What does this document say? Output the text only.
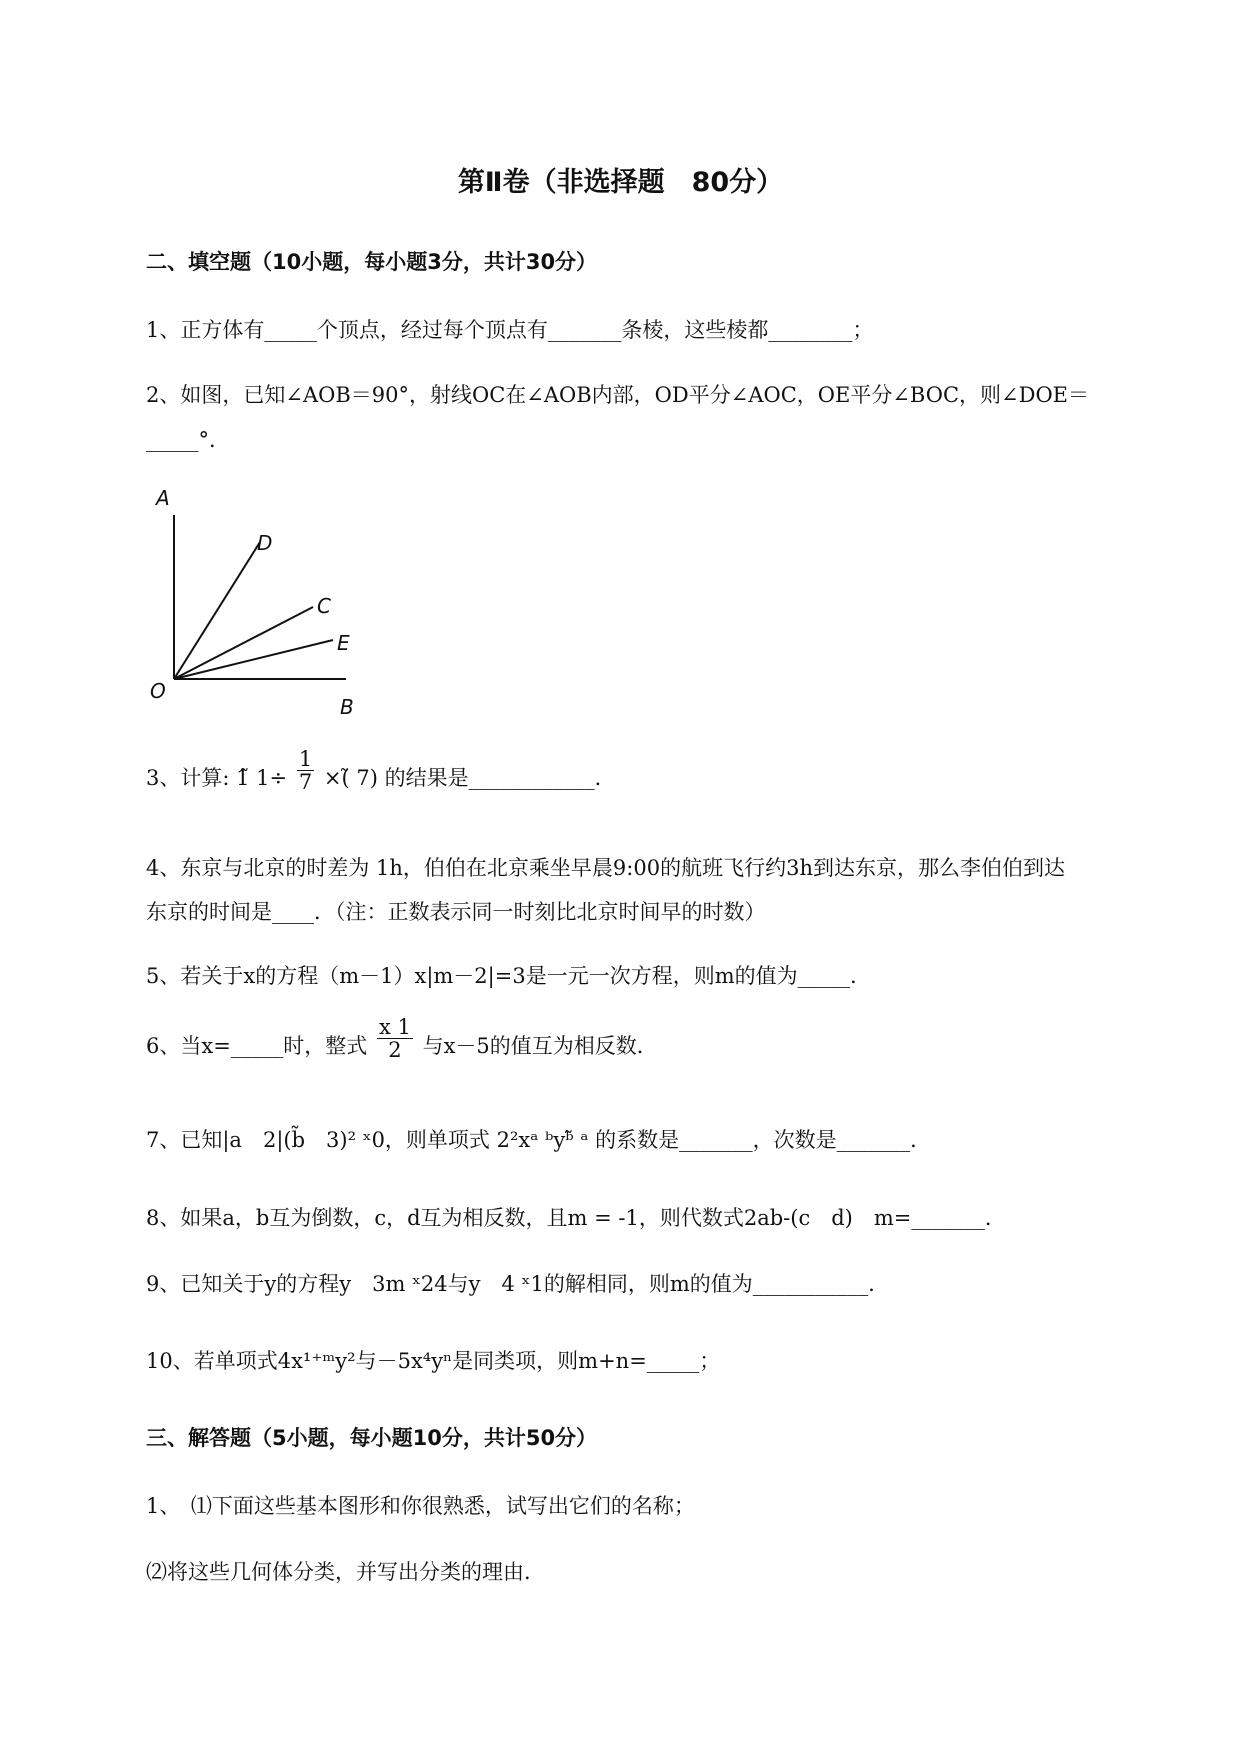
第Ⅱ卷（非选择题　80分）
二、填空题（10小题，每小题3分，共计30分）
1、正方体有_____个顶点，经过每个顶点有_______条棱，这些棱都________；
2、如图，已知∠AOB＝90°，射线OC在∠AOB内部，OD平分∠AOC，OE平分∠BOC，则∠DOE＝
_____°．
A
D
C
E
O
B
3、计算: 1̃ $1\div \frac{1}{7}$ ×(̃ 7) 的结果是____________．
4、东京与北京的时差为 1h，伯伯在北京乘坐早晨9:00的航班飞行约3h到达东京，那么李伯伯到达
东京的时间是____．（注：正数表示同一时刻比北京时间早的时数）
5、若关于x的方程（m－1）x|m－2|=3是一元一次方程，则m的值为_____．
6、当x=_____时，整式 $\frac{x 1}{2}$ 与x－5的值互为相反数．
7、已知|a　2|(b̃　3)² ˣ0，则单项式 2²xᵃ ᵇyᵇ̃ ᵃ 的系数是_______，次数是_______．
8、如果a，b互为倒数，c，d互为相反数，且m = -1，则代数式2ab-(c　d)　m=_______．
9、已知关于y的方程y　3m ˣ24与y　4 ˣ1的解相同，则m的值为___________．
10、若单项式4x¹⁺ᵐy²与－5x⁴yⁿ是同类项，则m+n=_____；
三、解答题（5小题，每小题10分，共计50分）
1、　⑴下面这些基本图形和你很熟悉，试写出它们的名称；
⑵将这些几何体分类，并写出分类的理由．
